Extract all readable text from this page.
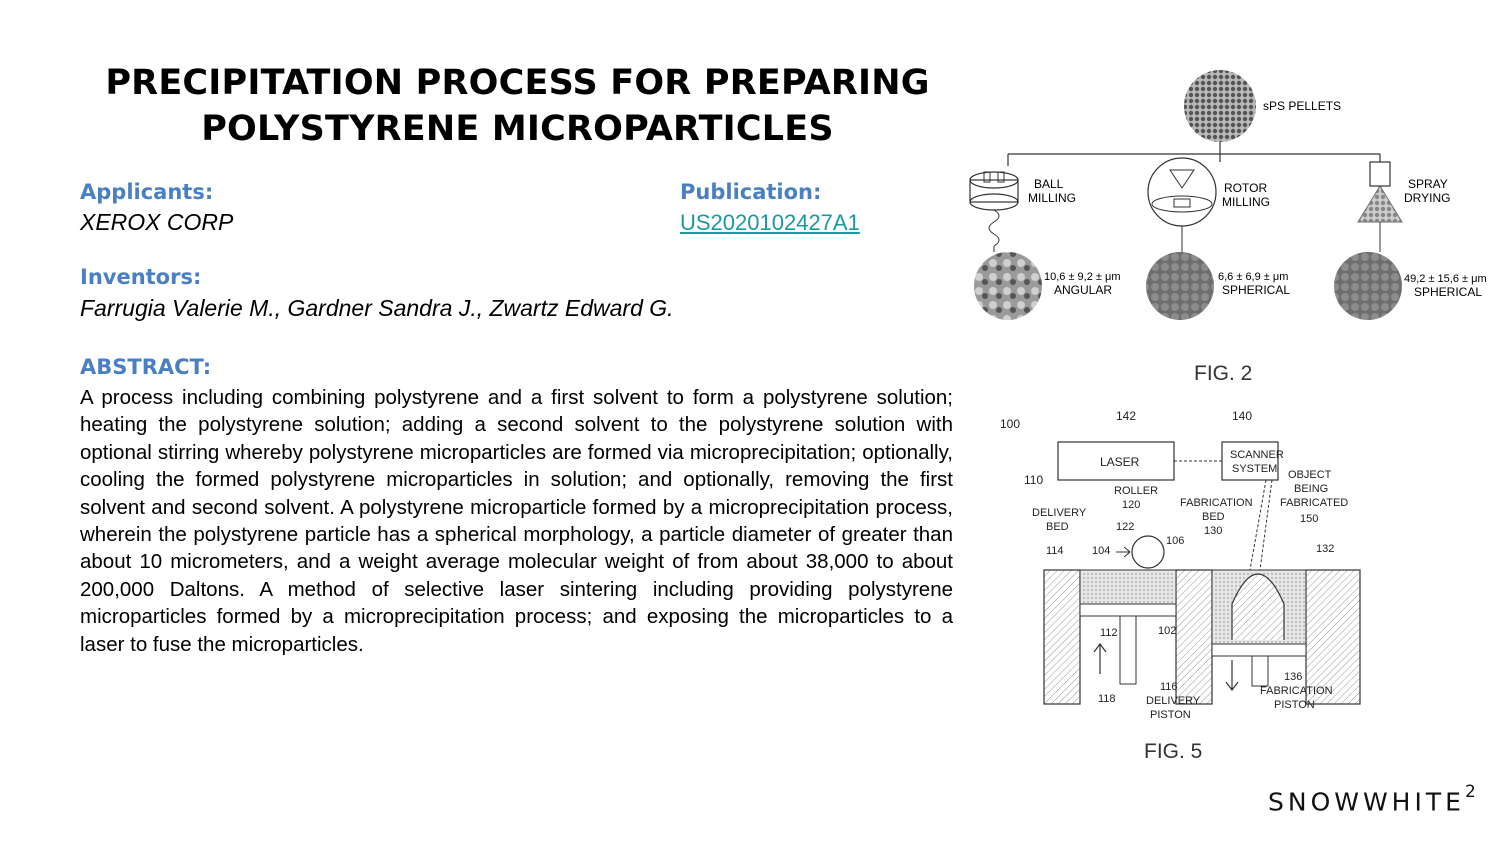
PRECIPITATION PROCESS FOR PREPARING
POLYSTYRENE MICROPARTICLES
Applicants:
XEROX CORP
Publication:
US2020102427A1
Inventors:
Farrugia Valerie M., Gardner Sandra J., Zwartz Edward G.
ABSTRACT:
A process including combining polystyrene and a first solvent to form a polystyrene solution; heating the polystyrene solution; adding a second solvent to the polystyrene solution with optional stirring whereby polystyrene microparticles are formed via microprecipitation; optionally, cooling the formed polystyrene microparticles in solution; and optionally, removing the first solvent and second solvent. A polystyrene microparticle formed by a microprecipitation process, wherein the polystyrene particle has a spherical morphology, a particle diameter of greater than about 10 micrometers, and a weight average molecular weight of from about 38,000 to about 200,000 Daltons. A method of selective laser sintering including providing polystyrene microparticles formed by a microprecipitation process; and exposing the microparticles to a laser to fuse the microparticles.
sPS PELLETS
BALL
MILLING
ROTOR
MILLING
SPRAY
DRYING
10,6 ± 9,2 ± μm
ANGULAR
6,6 ± 6,9 ± μm
SPHERICAL
49,2 ± 15,6 ± μm
SPHERICAL
FIG. 2
100
142	140
110
LASER	SCANNER
SYSTEM OBJECT
BEING
FABRICATED
150
ROLLER
120
DELIVERY
BED
FABRICATION
BED
130
122
106
114	104	132
112	102
118
116
DELIVERY
PISTON
136
FABRICATION
PISTON
FIG. 5
SNOWWHITE$^2$
